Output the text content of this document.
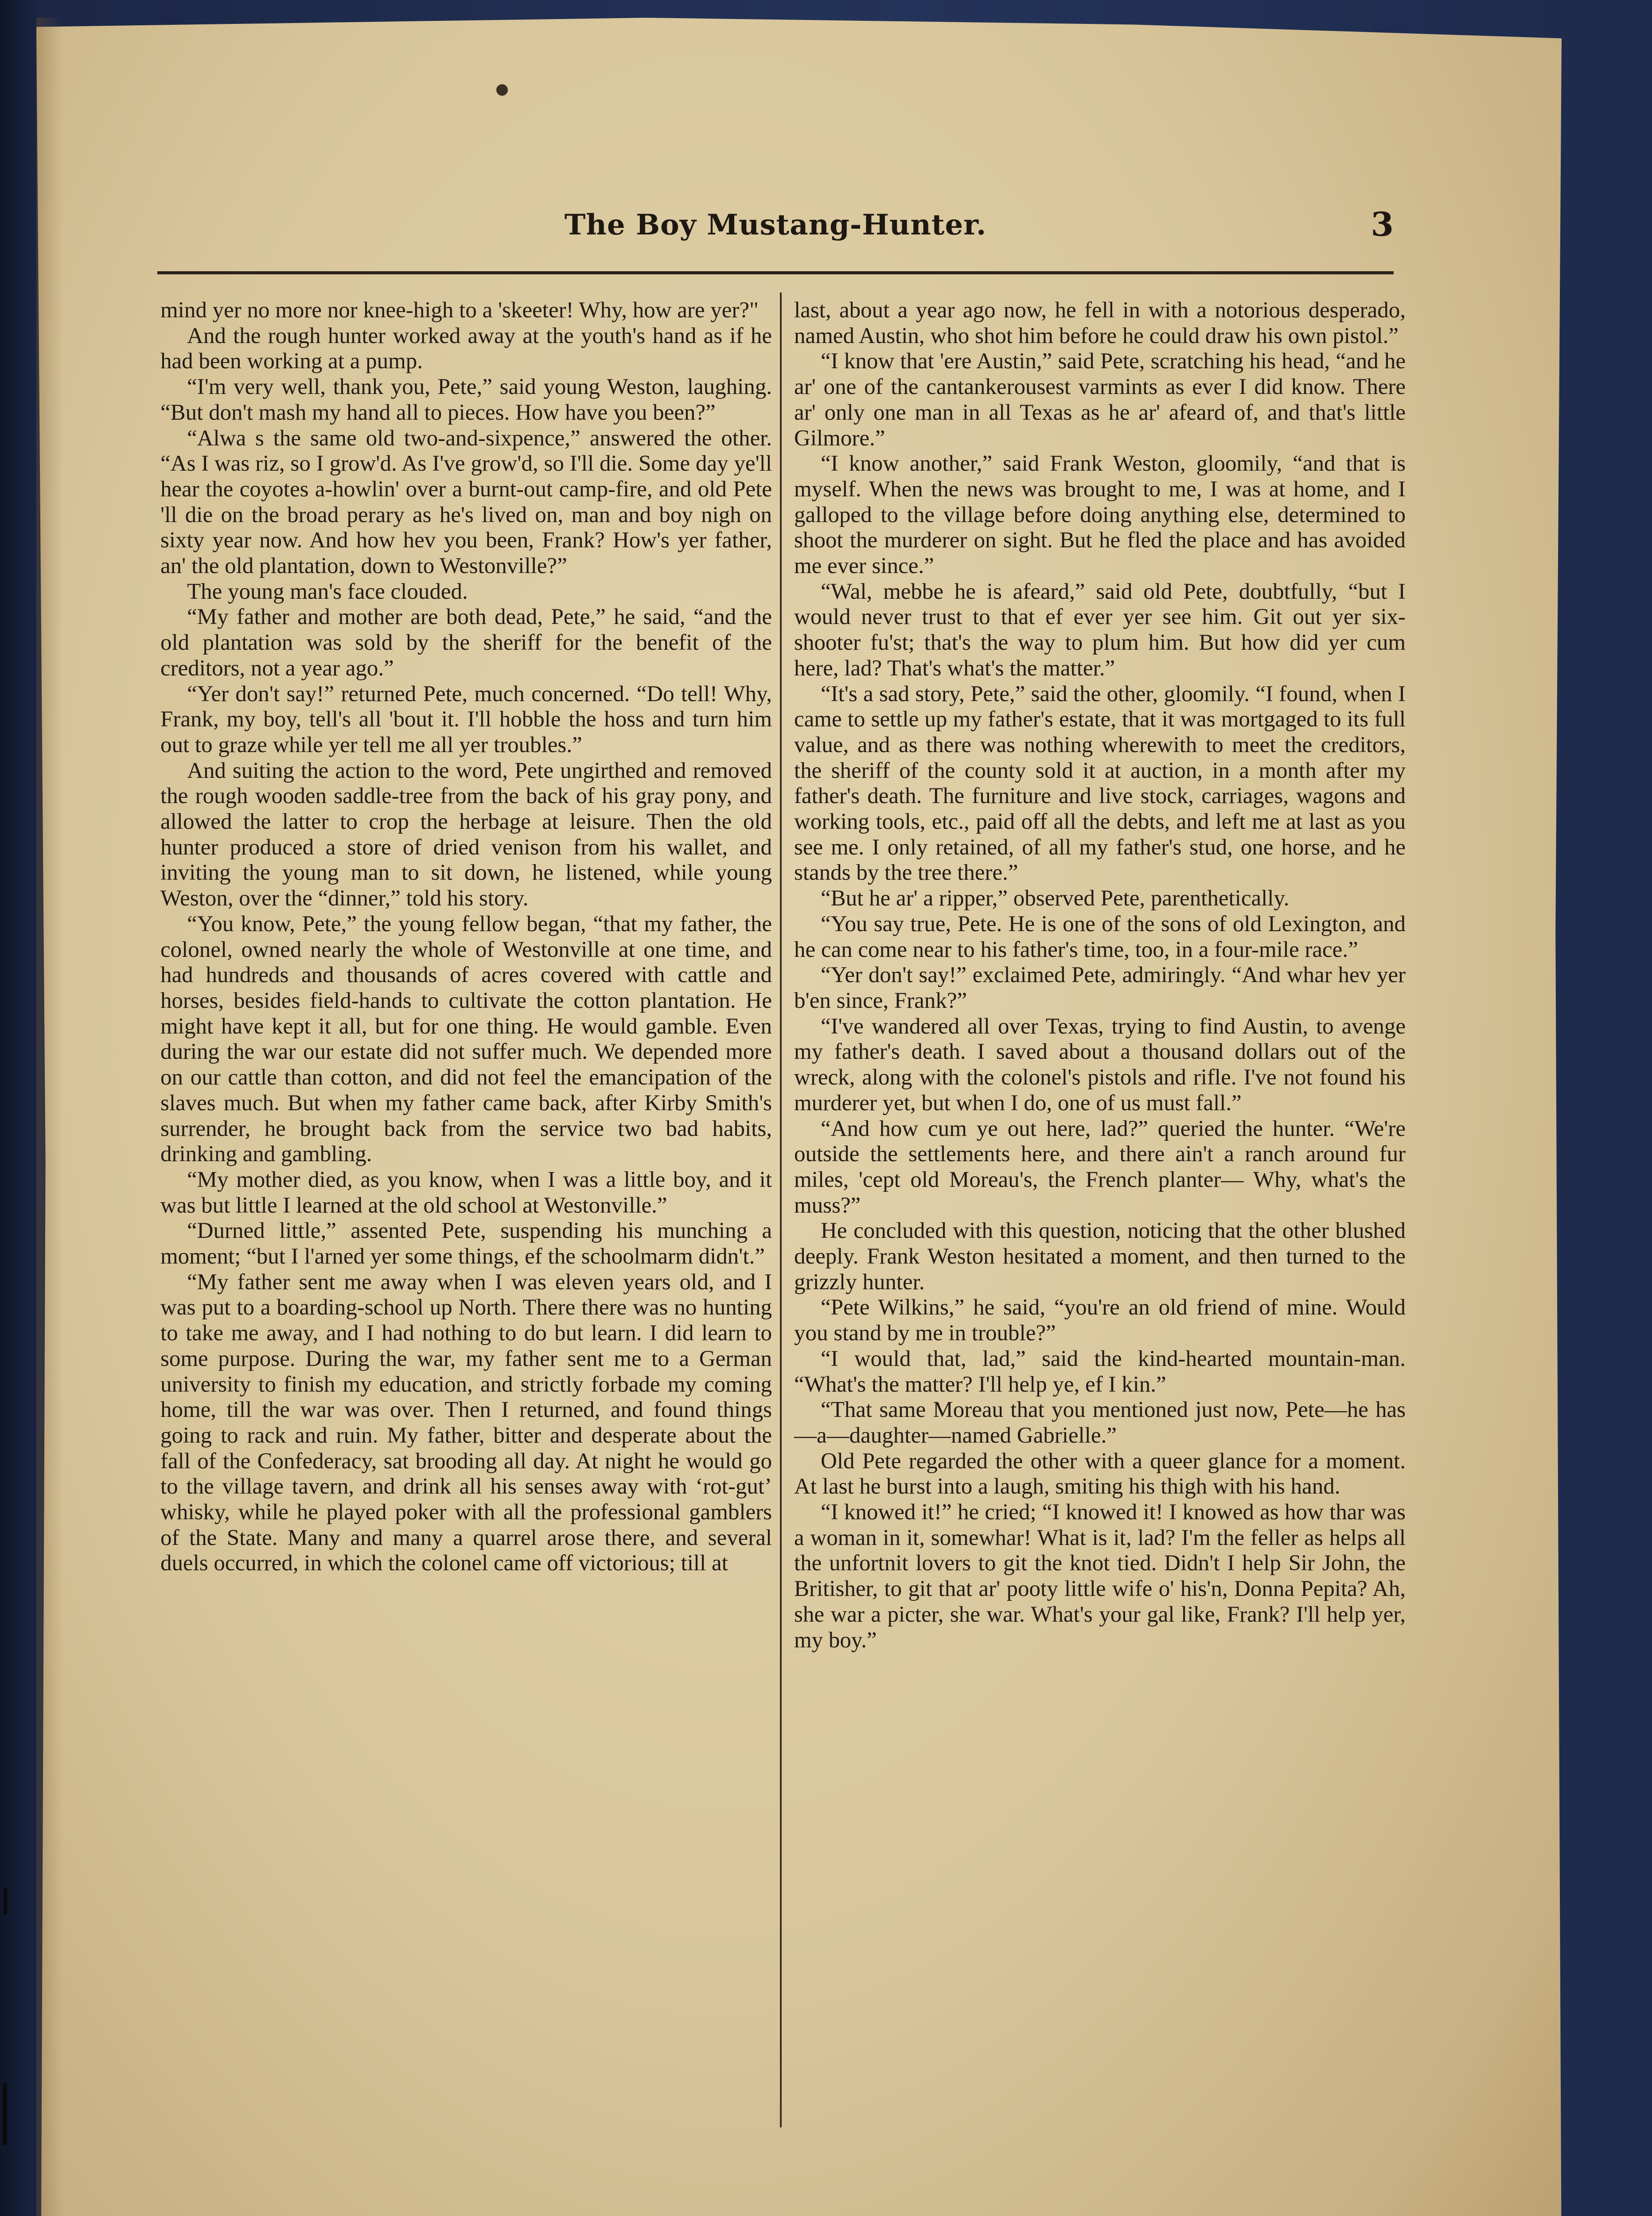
The Boy Mustang-Hunter.	3

mind yer no more nor knee-high to a 'skeeter! Why, how are yer?"

And the rough hunter worked away at the youth's hand as if he had been working at a pump.

“I'm very well, thank you, Pete,” said young Weston, laughing. “But don't mash my hand all to pieces. How have you been?”

“Alwa s the same old two-and-sixpence,” answered the other. “As I was riz, so I grow'd. As I've grow'd, so I'll die. Some day ye'll hear the coyotes a-howlin' over a burnt-out camp-fire, and old Pete 'll die on the broad perary as he's lived on, man and boy nigh on sixty year now. And how hev you been, Frank? How's yer father, an' the old plantation, down to Westonville?”

The young man's face clouded.

“My father and mother are both dead, Pete,” he said, “and the old plantation was sold by the sheriff for the benefit of the creditors, not a year ago.”

“Yer don't say!” returned Pete, much concerned. “Do tell! Why, Frank, my boy, tell's all 'bout it. I'll hobble the hoss and turn him out to graze while yer tell me all yer troubles.”

And suiting the action to the word, Pete ungirthed and removed the rough wooden saddle-tree from the back of his gray pony, and allowed the latter to crop the herbage at leisure. Then the old hunter produced a store of dried venison from his wallet, and inviting the young man to sit down, he listened, while young Weston, over the “dinner,” told his story.

“You know, Pete,” the young fellow began, “that my father, the colonel, owned nearly the whole of Westonville at one time, and had hundreds and thousands of acres covered with cattle and horses, besides field-hands to cultivate the cotton plantation. He might have kept it all, but for one thing. He would gamble. Even during the war our estate did not suffer much. We depended more on our cattle than cotton, and did not feel the emancipation of the slaves much. But when my father came back, after Kirby Smith's surrender, he brought back from the service two bad habits, drinking and gambling.

“My mother died, as you know, when I was a little boy, and it was but little I learned at the old school at Westonville.”

“Durned little,” assented Pete, suspending his munching a moment; “but I l'arned yer some things, ef the schoolmarm didn't.”

“My father sent me away when I was eleven years old, and I was put to a boarding-school up North. There there was no hunting to take me away, and I had nothing to do but learn. I did learn to some purpose. During the war, my father sent me to a German university to finish my education, and strictly forbade my coming home, till the war was over. Then I returned, and found things going to rack and ruin. My father, bitter and desperate about the fall of the Confederacy, sat brooding all day. At night he would go to the village tavern, and drink all his senses away with ‘rot-gut’ whisky, while he played poker with all the professional gamblers of the State. Many and many a quarrel arose there, and several duels occurred, in which the colonel came off victorious; till at

last, about a year ago now, he fell in with a notorious desperado, named Austin, who shot him before he could draw his own pistol.”

“I know that 'ere Austin,” said Pete, scratching his head, “and he ar' one of the cantankerousest varmints as ever I did know. There ar' only one man in all Texas as he ar' afeard of, and that's little Gilmore.”

“I know another,” said Frank Weston, gloomily, “and that is myself. When the news was brought to me, I was at home, and I galloped to the village before doing anything else, determined to shoot the murderer on sight. But he fled the place and has avoided me ever since.”

“Wal, mebbe he is afeard,” said old Pete, doubtfully, “but I would never trust to that ef ever yer see him. Git out yer six-shooter fu'st; that's the way to plum him. But how did yer cum here, lad? That's what's the matter.”

“It's a sad story, Pete,” said the other, gloomily. “I found, when I came to settle up my father's estate, that it was mortgaged to its full value, and as there was nothing wherewith to meet the creditors, the sheriff of the county sold it at auction, in a month after my father's death. The furniture and live stock, carriages, wagons and working tools, etc., paid off all the debts, and left me at last as you see me. I only retained, of all my father's stud, one horse, and he stands by the tree there.”

“But he ar' a ripper,” observed Pete, parenthetically.

“You say true, Pete. He is one of the sons of old Lexington, and he can come near to his father's time, too, in a four-mile race.”

“Yer don't say!” exclaimed Pete, admiringly. “And whar hev yer b'en since, Frank?”

“I've wandered all over Texas, trying to find Austin, to avenge my father's death. I saved about a thousand dollars out of the wreck, along with the colonel's pistols and rifle. I've not found his murderer yet, but when I do, one of us must fall.”

“And how cum ye out here, lad?” queried the hunter. “We're outside the settlements here, and there ain't a ranch around fur miles, 'cept old Moreau's, the French planter— Why, what's the muss?”

He concluded with this question, noticing that the other blushed deeply. Frank Weston hesitated a moment, and then turned to the grizzly hunter.

“Pete Wilkins,” he said, “you're an old friend of mine. Would you stand by me in trouble?”

“I would that, lad,” said the kind-hearted mountain-man. “What's the matter? I'll help ye, ef I kin.”

“That same Moreau that you mentioned just now, Pete—he has—a—daughter—named Gabrielle.”

Old Pete regarded the other with a queer glance for a moment. At last he burst into a laugh, smiting his thigh with his hand.

“I knowed it!” he cried; “I knowed it! I knowed as how thar was a woman in it, somewhar! What is it, lad? I'm the feller as helps all the unfortnit lovers to git the knot tied. Didn't I help Sir John, the Britisher, to git that ar' pooty little wife o' his'n, Donna Pepita? Ah, she war a picter, she war. What's your gal like, Frank? I'll help yer, my boy.”
